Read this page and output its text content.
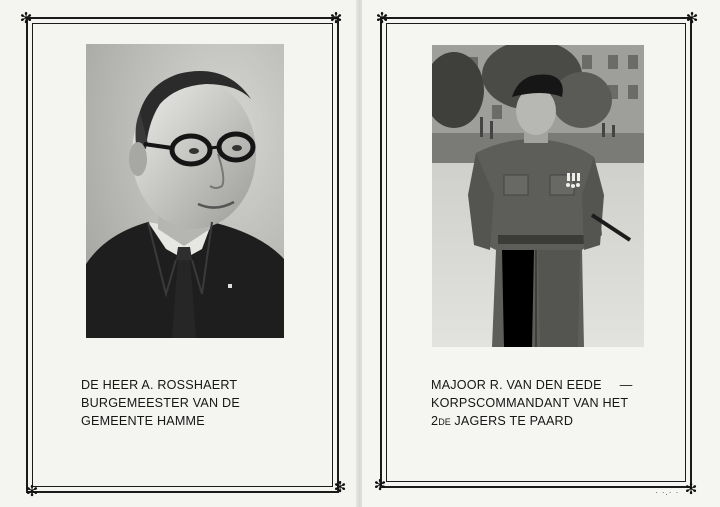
✻	✻
✻	✻
DE HEER A. ROSSHAERT
BURGEMEESTER VAN DE
GEMEENTE HAMME
✻	✻
✻	✻
MAJOOR R. VAN DEN EEDE —
KORPSCOMMANDANT VAN HET
2DE JAGERS TE PAARD
· ·.· ·
